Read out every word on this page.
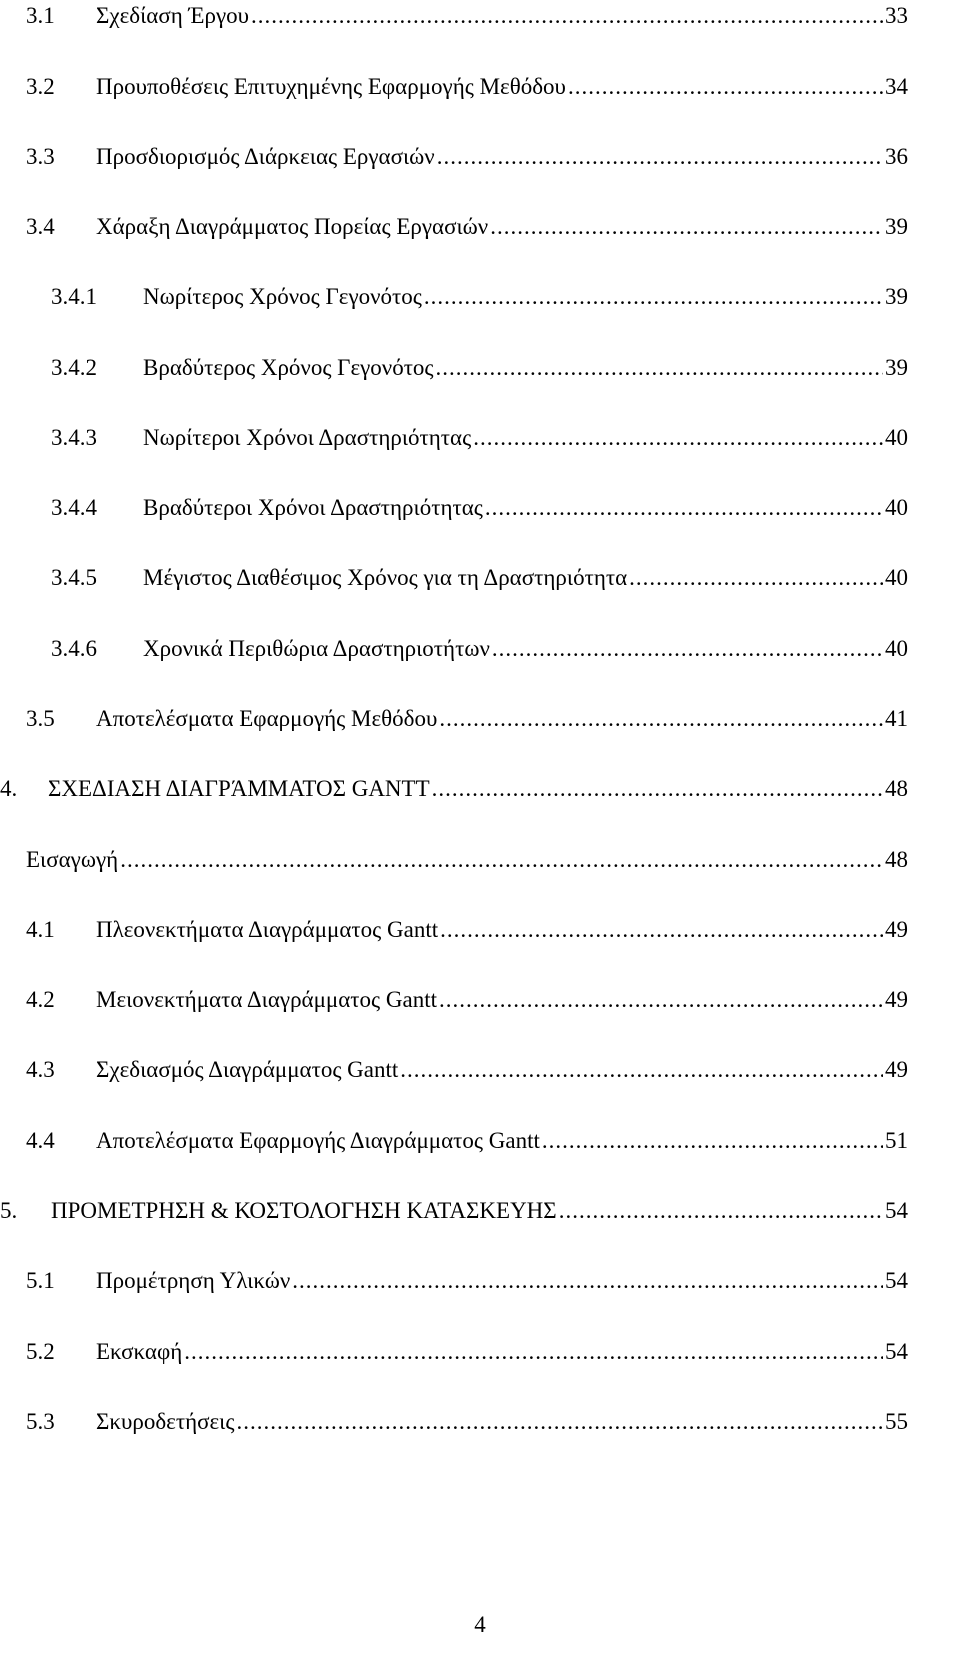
3.1	Σχεδίαση Έργου .....	33
3.2	Προυποθέσεις Επιτυχημένης Εφαρμογής Μεθόδου .....	34
3.3	Προσδιορισμός Διάρκειας Εργασιών .....	36
3.4	Χάραξη Διαγράμματος Πορείας Εργασιών .....	39
3.4.1	Νωρίτερος Χρόνος Γεγονότος .....	39
3.4.2	Βραδύτερος Χρόνος Γεγονότος .....	39
3.4.3	Νωρίτεροι Χρόνοι Δραστηριότητας .....	40
3.4.4	Βραδύτεροι Χρόνοι Δραστηριότητας .....	40
3.4.5	Μέγιστος Διαθέσιμος Χρόνος για τη Δραστηριότητα .....	40
3.4.6	Χρονικά Περιθώρια Δραστηριοτήτων .....	40
3.5	Αποτελέσματα Εφαρμογής Μεθόδου .....	41
4.	ΣΧΕΔΙΑΣΗ ΔΙΑΓΡΆΜΜΑΤΟΣ GANTT .....	48
Εισαγωγή .....	48
4.1	Πλεονεκτήματα Διαγράμματος Gantt .....	49
4.2	Μειονεκτήματα Διαγράμματος Gantt .....	49
4.3	Σχεδιασμός Διαγράμματος Gantt .....	49
4.4	Αποτελέσματα Εφαρμογής Διαγράμματος Gantt .....	51
5.	ΠΡΟΜΕΤΡΗΣΗ & ΚΟΣΤΟΛΟΓΗΣΗ ΚΑΤΑΣΚΕΥΗΣ .....	54
5.1	Προμέτρηση Υλικών .....	54
5.2	Εκσκαφή .....	54
5.3	Σκυροδετήσεις .....	55
4
